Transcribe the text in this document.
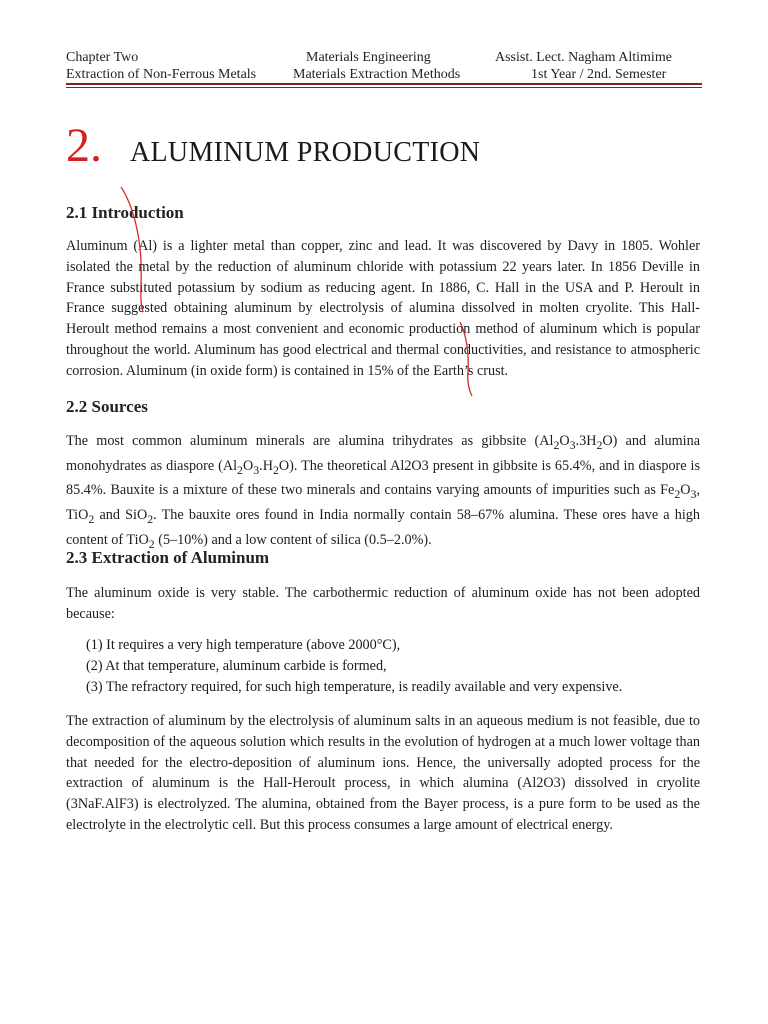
Chapter Two
Extraction of Non-Ferrous Metals
Materials Engineering
Materials Extraction Methods
Assist. Lect. Nagham Altimime
1st Year / 2nd. Semester
2. ALUMINUM PRODUCTION
2.1 Introduction

Aluminum (Al) is a lighter metal than copper, zinc and lead. It was discovered by Davy in 1805. Wohler isolated the metal by the reduction of aluminum chloride with potassium 22 years later. In 1856 Deville in France substituted potassium by sodium as reducing agent. In 1886, C. Hall in the USA and P. Heroult in France suggested obtaining aluminum by electrolysis of alumina dissolved in molten cryolite. This Hall-Heroult method remains a most convenient and economic production method of aluminum which is popular throughout the world. Aluminum has good electrical and thermal conductivities, and resistance to atmospheric corrosion. Aluminum (in oxide form) is contained in 15% of the Earth’s crust.

2.2 Sources

The most common aluminum minerals are alumina trihydrates as gibbsite $(Al_2O_3.3H_2O)$ and alumina monohydrates as diaspore $(Al_2O_3.H_2O)$. The theoretical Al2O3 present in gibbsite is 65.4%, and in diaspore is 85.4%. Bauxite is a mixture of these two minerals and contains varying amounts of impurities such as $Fe_2O_3$, TiO$_2$ and SiO$_2$. The bauxite ores found in India normally contain 58–67% alumina. These ores have a high content of TiO$_2$ (5–10%) and a low content of silica (0.5–2.0%).

2.3 Extraction of Aluminum

The aluminum oxide is very stable. The carbothermic reduction of aluminum oxide has not been adopted because:

(1) It requires a very high temperature (above 2000°C),
(2) At that temperature, aluminum carbide is formed,
(3) The refractory required, for such high temperature, is readily available and very expensive.

The extraction of aluminum by the electrolysis of aluminum salts in an aqueous medium is not feasible, due to decomposition of the aqueous solution which results in the evolution of hydrogen at a much lower voltage than that needed for the electro-deposition of aluminum ions. Hence, the universally adopted process for the extraction of aluminum is the Hall-Heroult process, in which alumina (Al2O3) dissolved in cryolite (3NaF.AlF3) is electrolyzed. The alumina, obtained from the Bayer process, is a pure form to be used as the electrolyte in the electrolytic cell. But this process consumes a large amount of electrical energy.
